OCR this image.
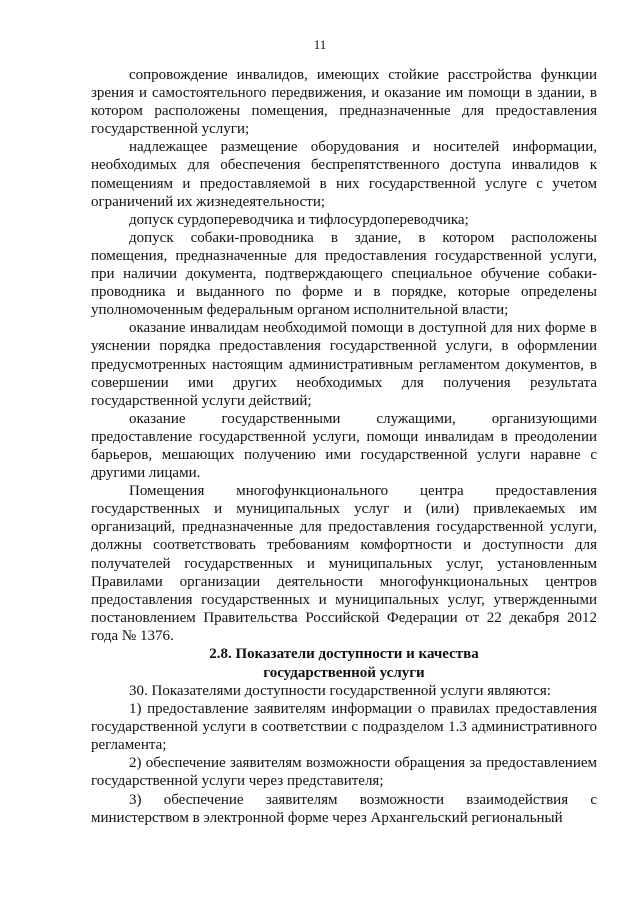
11

сопровождение инвалидов, имеющих стойкие расстройства функции зрения и самостоятельного передвижения, и оказание им помощи в здании, в котором расположены помещения, предназначенные для предоставления государственной услуги;

надлежащее размещение оборудования и носителей информации, необходимых для обеспечения беспрепятственного доступа инвалидов к помещениям и предоставляемой в них государственной услуге с учетом ограничений их жизнедеятельности;

допуск сурдопереводчика и тифлосурдопереводчика;

допуск собаки-проводника в здание, в котором расположены помещения, предназначенные для предоставления государственной услуги, при наличии документа, подтверждающего специальное обучение собаки-проводника и выданного по форме и в порядке, которые определены уполномоченным федеральным органом исполнительной власти;

оказание инвалидам необходимой помощи в доступной для них форме в уяснении порядка предоставления государственной услуги, в оформлении предусмотренных настоящим административным регламентом документов, в совершении ими других необходимых для получения результата государственной услуги действий;

оказание государственными служащими, организующими предоставление государственной услуги, помощи инвалидам в преодолении барьеров, мешающих получению ими государственной услуги наравне с другими лицами.

Помещения многофункционального центра предоставления государственных и муниципальных услуг и (или) привлекаемых им организаций, предназначенные для предоставления государственной услуги, должны соответствовать требованиям комфортности и доступности для получателей государственных и муниципальных услуг, установленным Правилами организации деятельности многофункциональных центров предоставления государственных и муниципальных услуг, утвержденными постановлением Правительства Российской Федерации от 22 декабря 2012 года № 1376.

2.8. Показатели доступности и качества
государственной услуги

30. Показателями доступности государственной услуги являются:

1) предоставление заявителям информации о правилах предоставления государственной услуги в соответствии с подразделом 1.3 административного регламента;

2) обеспечение заявителям возможности обращения за предоставлением государственной услуги через представителя;

3) обеспечение заявителям возможности взаимодействия с министерством в электронной форме через Архангельский региональный
